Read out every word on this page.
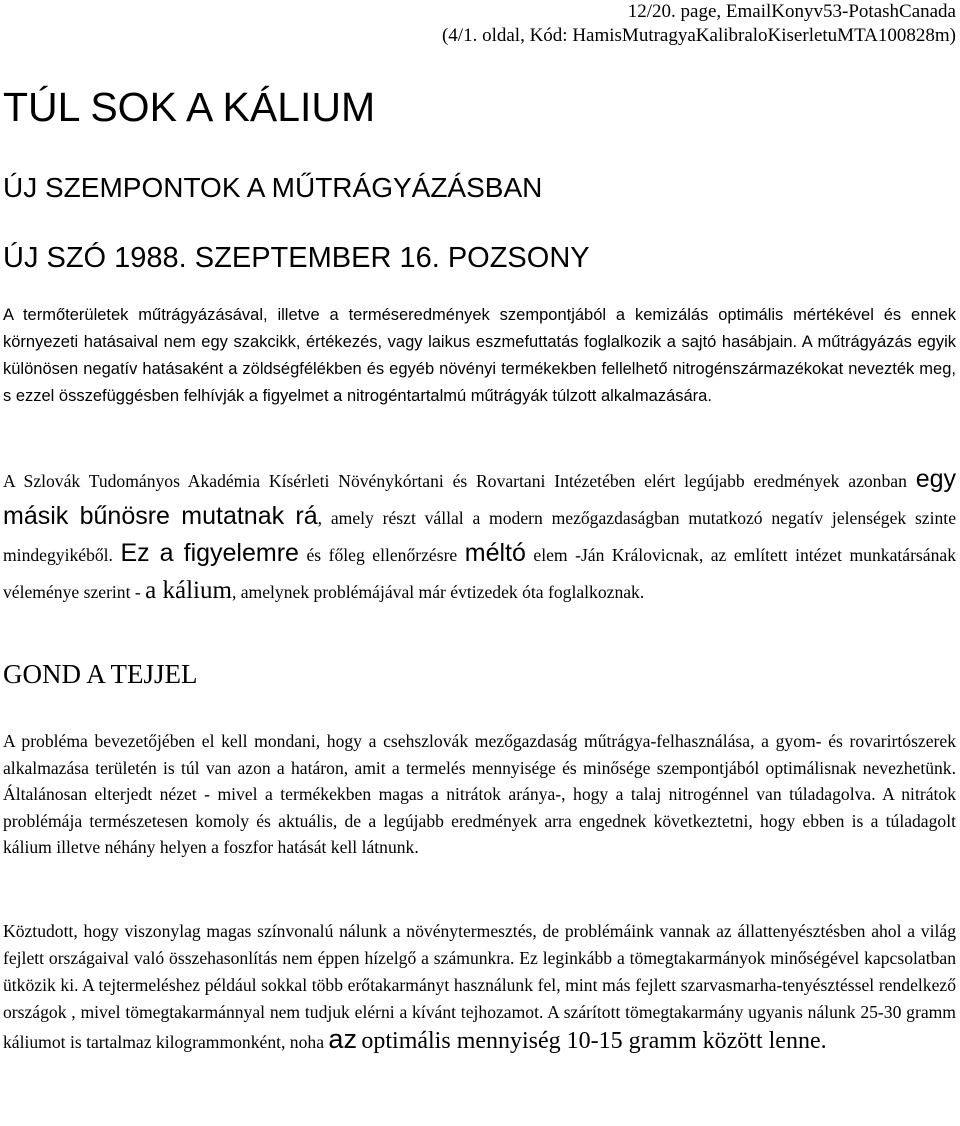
12/20. page, EmailKonyv53-PotashCanada
(4/1. oldal, Kód: HamisMutragyaKalibraloKiserletuMTA100828m)
TÚL SOK A KÁLIUM
ÚJ SZEMPONTOK A MŰTRÁGYÁZÁSBAN
ÚJ SZÓ 1988. SZEPTEMBER 16. POZSONY

A termőterületek műtrágyázásával, illetve a terméseredmények szempontjából a kemizálás optimális mértékével és ennek környezeti hatásaival nem egy szakcikk, értékezés, vagy laikus eszmefuttatás foglalkozik a sajtó hasábjain. A műtrágyázás egyik különösen negatív hatásaként a zöldségfélékben és egyéb növényi termékekben fellelhető nitrogénszármazékokat nevezték meg, s ezzel összefüggésben felhívják a figyelmet a nitrogéntartalmú műtrágyák túlzott alkalmazására.

A Szlovák Tudományos Akadémia Kísérleti Növénykórtani és Rovartani Intézetében elért legújabb eredmények azonban egy másik bűnösre mutatnak rá, amely részt vállal a modern mezőgazdaságban mutatkozó negatív jelenségek szinte mindegyikéből. Ez a figyelemre és főleg ellenőrzésre méltó elem -Ján Královicnak, az említett intézet munkatársának véleménye szerint - a kálium, amelynek problémájával már évtizedek óta foglalkoznak.

GOND A TEJJEL

A probléma bevezetőjében el kell mondani, hogy a csehszlovák mezőgazdaság műtrágya-felhasználása, a gyom- és rovarirtószerek alkalmazása területén is túl van azon a határon, amit a termelés mennyisége és minősége szempontjából optimálisnak nevezhetünk. Általánosan elterjedt nézet - mivel a termékekben magas a nitrátok aránya-, hogy a talaj nitrogénnel van túladagolva. A nitrátok problémája természetesen komoly és aktuális, de a legújabb eredmények arra engednek következtetni, hogy ebben is a túladagolt kálium illetve néhány helyen a foszfor hatását kell látnunk.

Köztudott, hogy viszonylag magas színvonalú nálunk a növénytermesztés, de problémáink vannak az állattenyésztésben ahol a világ fejlett országaival való összehasonlítás nem éppen hízelgő a számunkra. Ez leginkább a tömegtakarmányok minőségével kapcsolatban ütközik ki. A tejtermeléshez például sokkal több erőtakarmányt használunk fel, mint más fejlett szarvasmarha-tenyésztéssel rendelkező országok , mivel tömegtakarmánnyal nem tudjuk elérni a kívánt tejhozamot. A szárított tömegtakarmány ugyanis nálunk 25-30 gramm káliumot is tartalmaz kilogrammonként, noha az optimális mennyiség 10-15 gramm között lenne.
